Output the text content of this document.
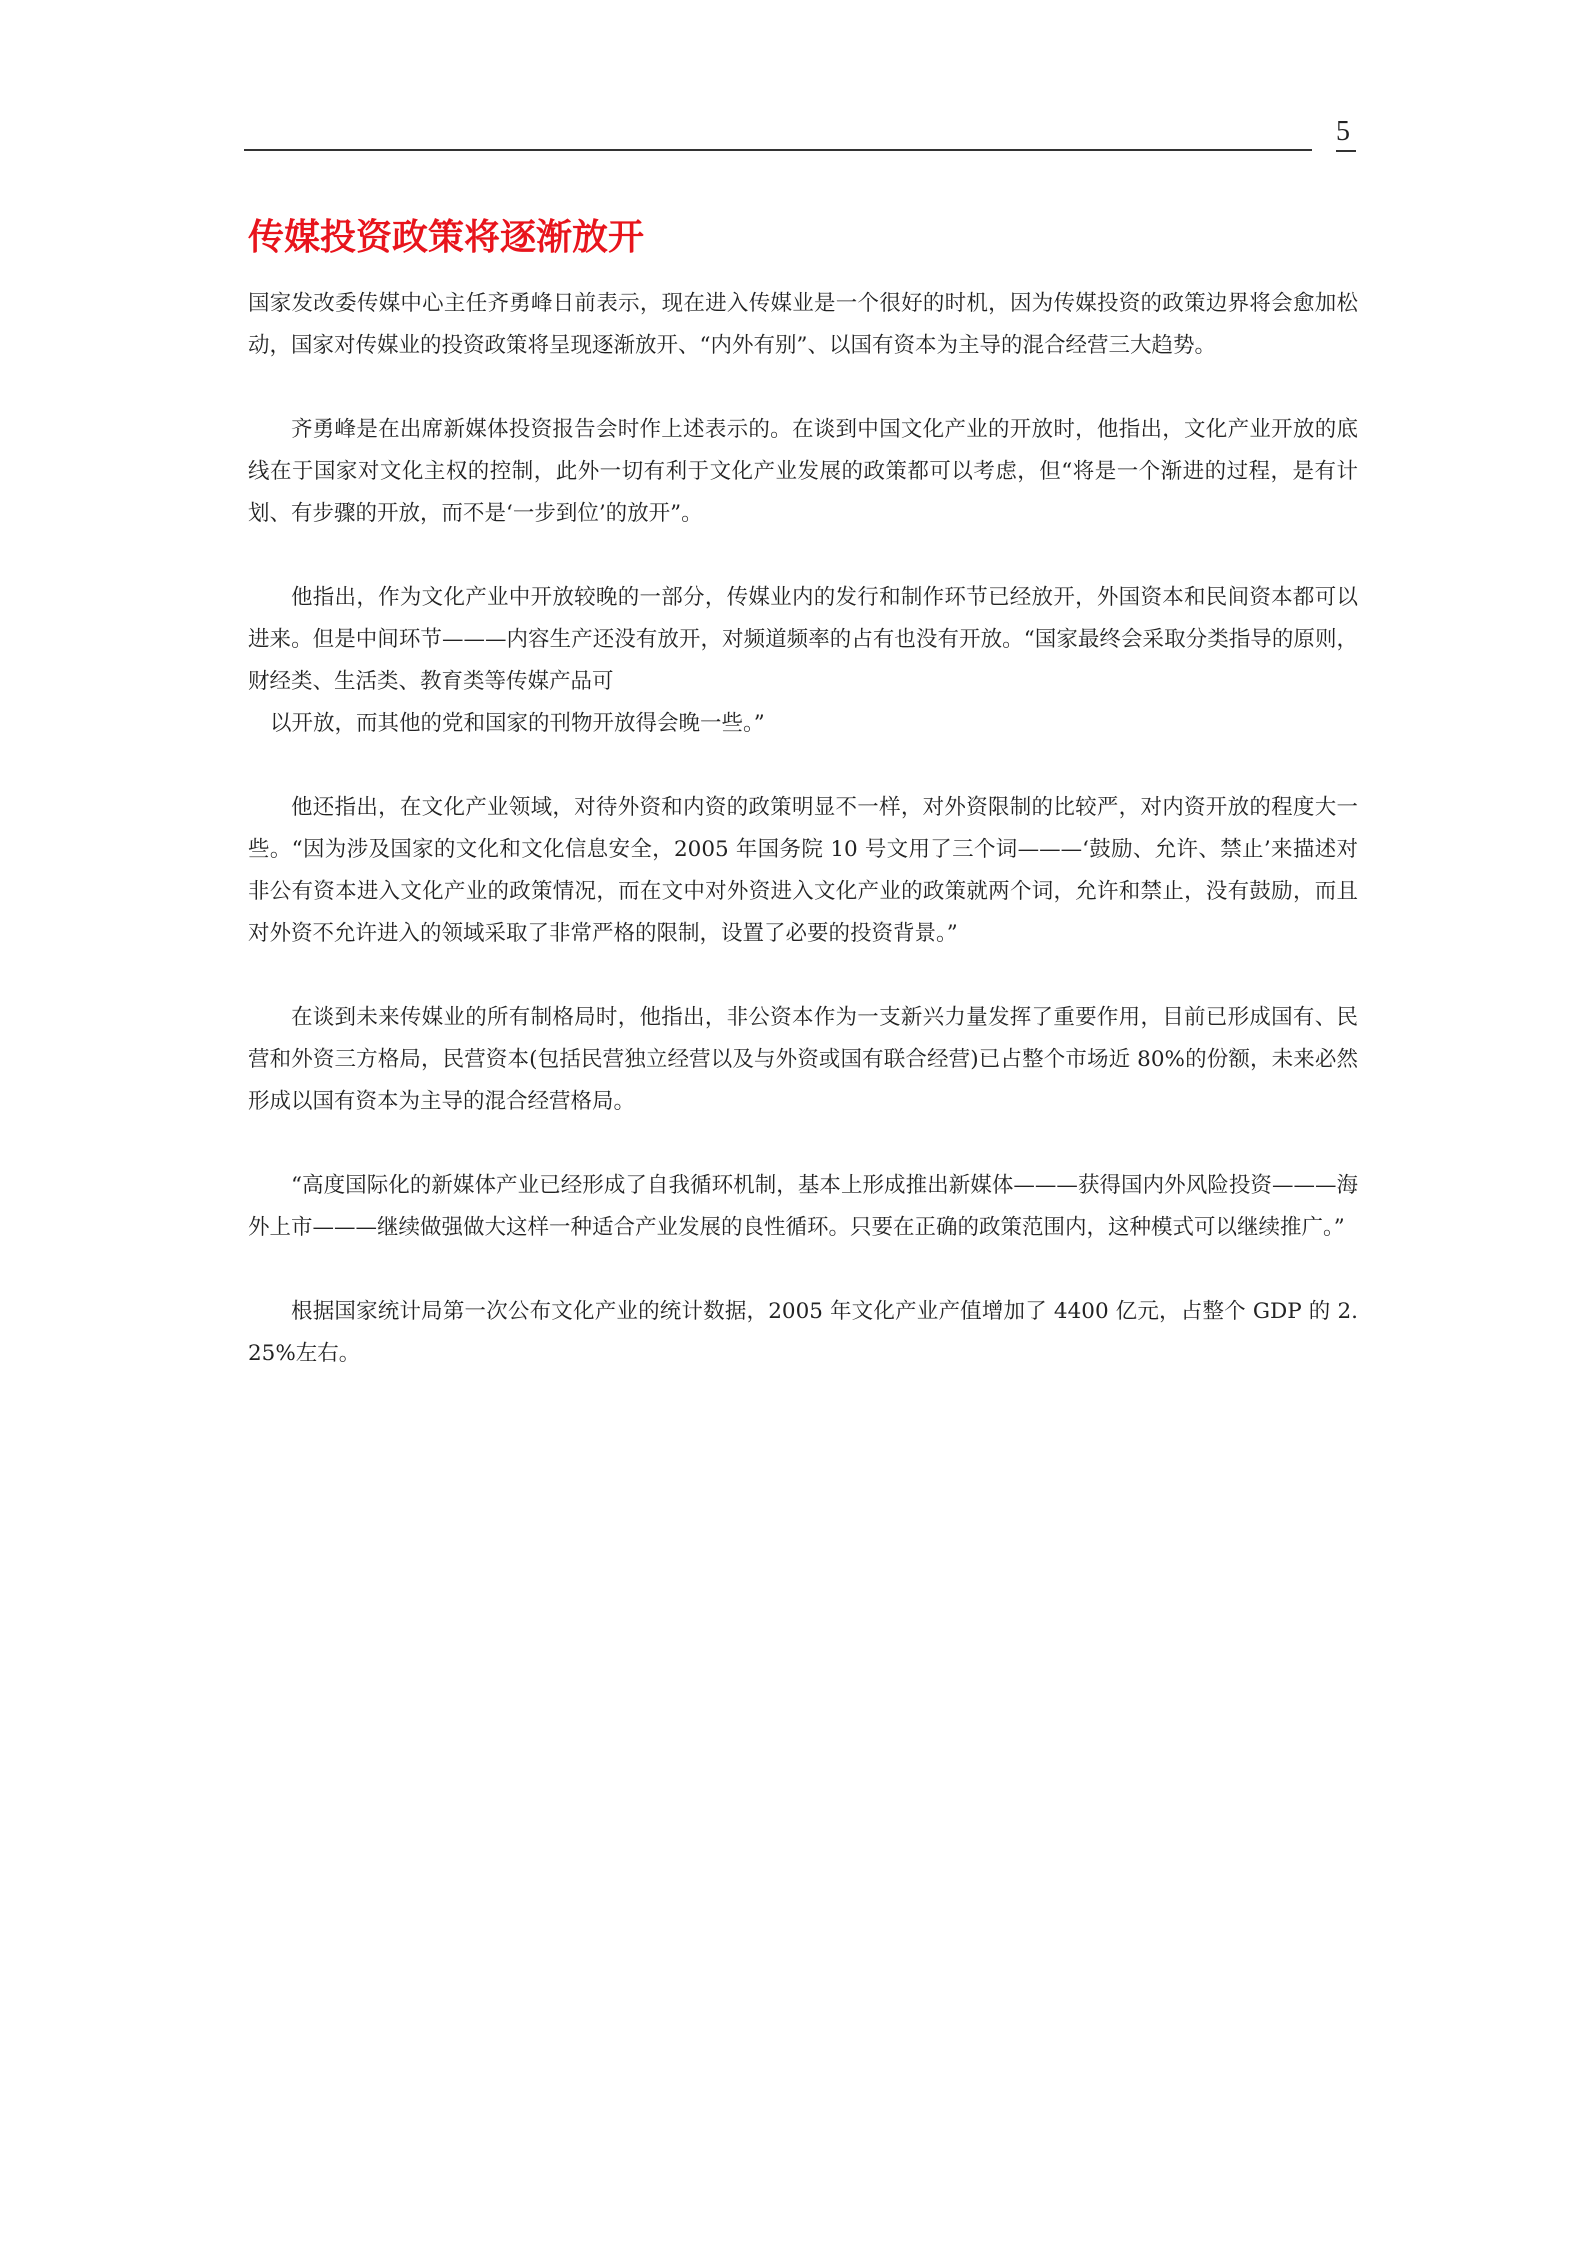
5
传媒投资政策将逐渐放开

国家发改委传媒中心主任齐勇峰日前表示，现在进入传媒业是一个很好的时机，因为传媒投资的政策边界将会愈加松动，国家对传媒业的投资政策将呈现逐渐放开、“内外有别”、以国有资本为主导的混合经营三大趋势。

齐勇峰是在出席新媒体投资报告会时作上述表示的。在谈到中国文化产业的开放时，他指出，文化产业开放的底线在于国家对文化主权的控制，此外一切有利于文化产业发展的政策都可以考虑，但“将是一个渐进的过程，是有计划、有步骤的开放，而不是‘一步到位’的放开”。

他指出，作为文化产业中开放较晚的一部分，传媒业内的发行和制作环节已经放开，外国资本和民间资本都可以进来。但是中间环节———内容生产还没有放开，对频道频率的占有也没有开放。“国家最终会采取分类指导的原则，财经类、生活类、教育类等传媒产品可
以开放，而其他的党和国家的刊物开放得会晚一些。”

他还指出，在文化产业领域，对待外资和内资的政策明显不一样，对外资限制的比较严，对内资开放的程度大一些。“因为涉及国家的文化和文化信息安全，2005 年国务院 10 号文用了三个词———‘鼓励、允许、禁止’来描述对非公有资本进入文化产业的政策情况，而在文中对外资进入文化产业的政策就两个词，允许和禁止，没有鼓励，而且对外资不允许进入的领域采取了非常严格的限制，设置了必要的投资背景。”

在谈到未来传媒业的所有制格局时，他指出，非公资本作为一支新兴力量发挥了重要作用，目前已形成国有、民营和外资三方格局，民营资本(包括民营独立经营以及与外资或国有联合经营)已占整个市场近 80%的份额，未来必然形成以国有资本为主导的混合经营格局。

“高度国际化的新媒体产业已经形成了自我循环机制，基本上形成推出新媒体———获得国内外风险投资———海外上市———继续做强做大这样一种适合产业发展的良性循环。只要在正确的政策范围内，这种模式可以继续推广。”

根据国家统计局第一次公布文化产业的统计数据，2005 年文化产业产值增加了 4400 亿元，占整个 GDP 的 2.25%左右。
